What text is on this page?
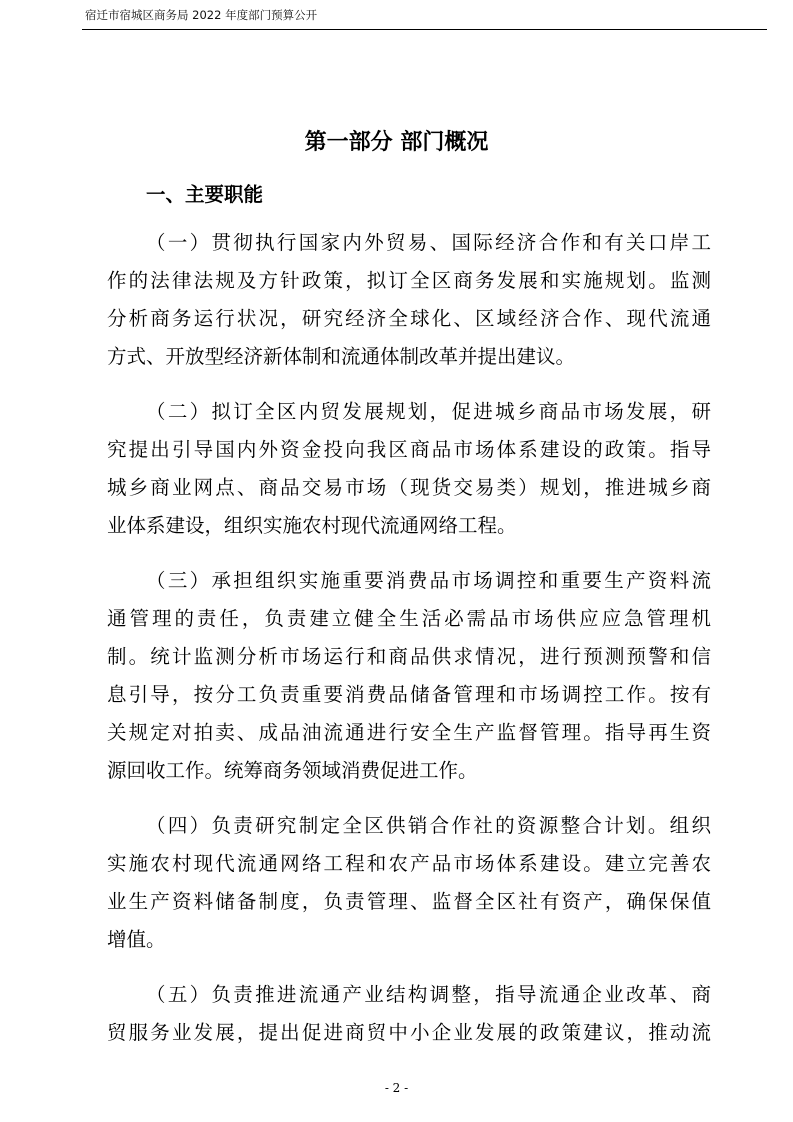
宿迁市宿城区商务局 2022 年度部门预算公开
第一部分 部门概况
一、主要职能
（一）贯彻执行国家内外贸易、国际经济合作和有关口岸工
作的法律法规及方针政策，拟订全区商务发展和实施规划。监测
分析商务运行状况，研究经济全球化、区域经济合作、现代流通
方式、开放型经济新体制和流通体制改革并提出建议。
（二）拟订全区内贸发展规划，促进城乡商品市场发展，研
究提出引导国内外资金投向我区商品市场体系建设的政策。指导
城乡商业网点、商品交易市场（现货交易类）规划，推进城乡商
业体系建设，组织实施农村现代流通网络工程。
（三）承担组织实施重要消费品市场调控和重要生产资料流
通管理的责任，负责建立健全生活必需品市场供应应急管理机
制。统计监测分析市场运行和商品供求情况，进行预测预警和信
息引导，按分工负责重要消费品储备管理和市场调控工作。按有
关规定对拍卖、成品油流通进行安全生产监督管理。指导再生资
源回收工作。统筹商务领域消费促进工作。
（四）负责研究制定全区供销合作社的资源整合计划。组织
实施农村现代流通网络工程和农产品市场体系建设。建立完善农
业生产资料储备制度，负责管理、监督全区社有资产，确保保值
增值。
（五）负责推进流通产业结构调整，指导流通企业改革、商
贸服务业发展，提出促进商贸中小企业发展的政策建议，推动流
- 2 -
